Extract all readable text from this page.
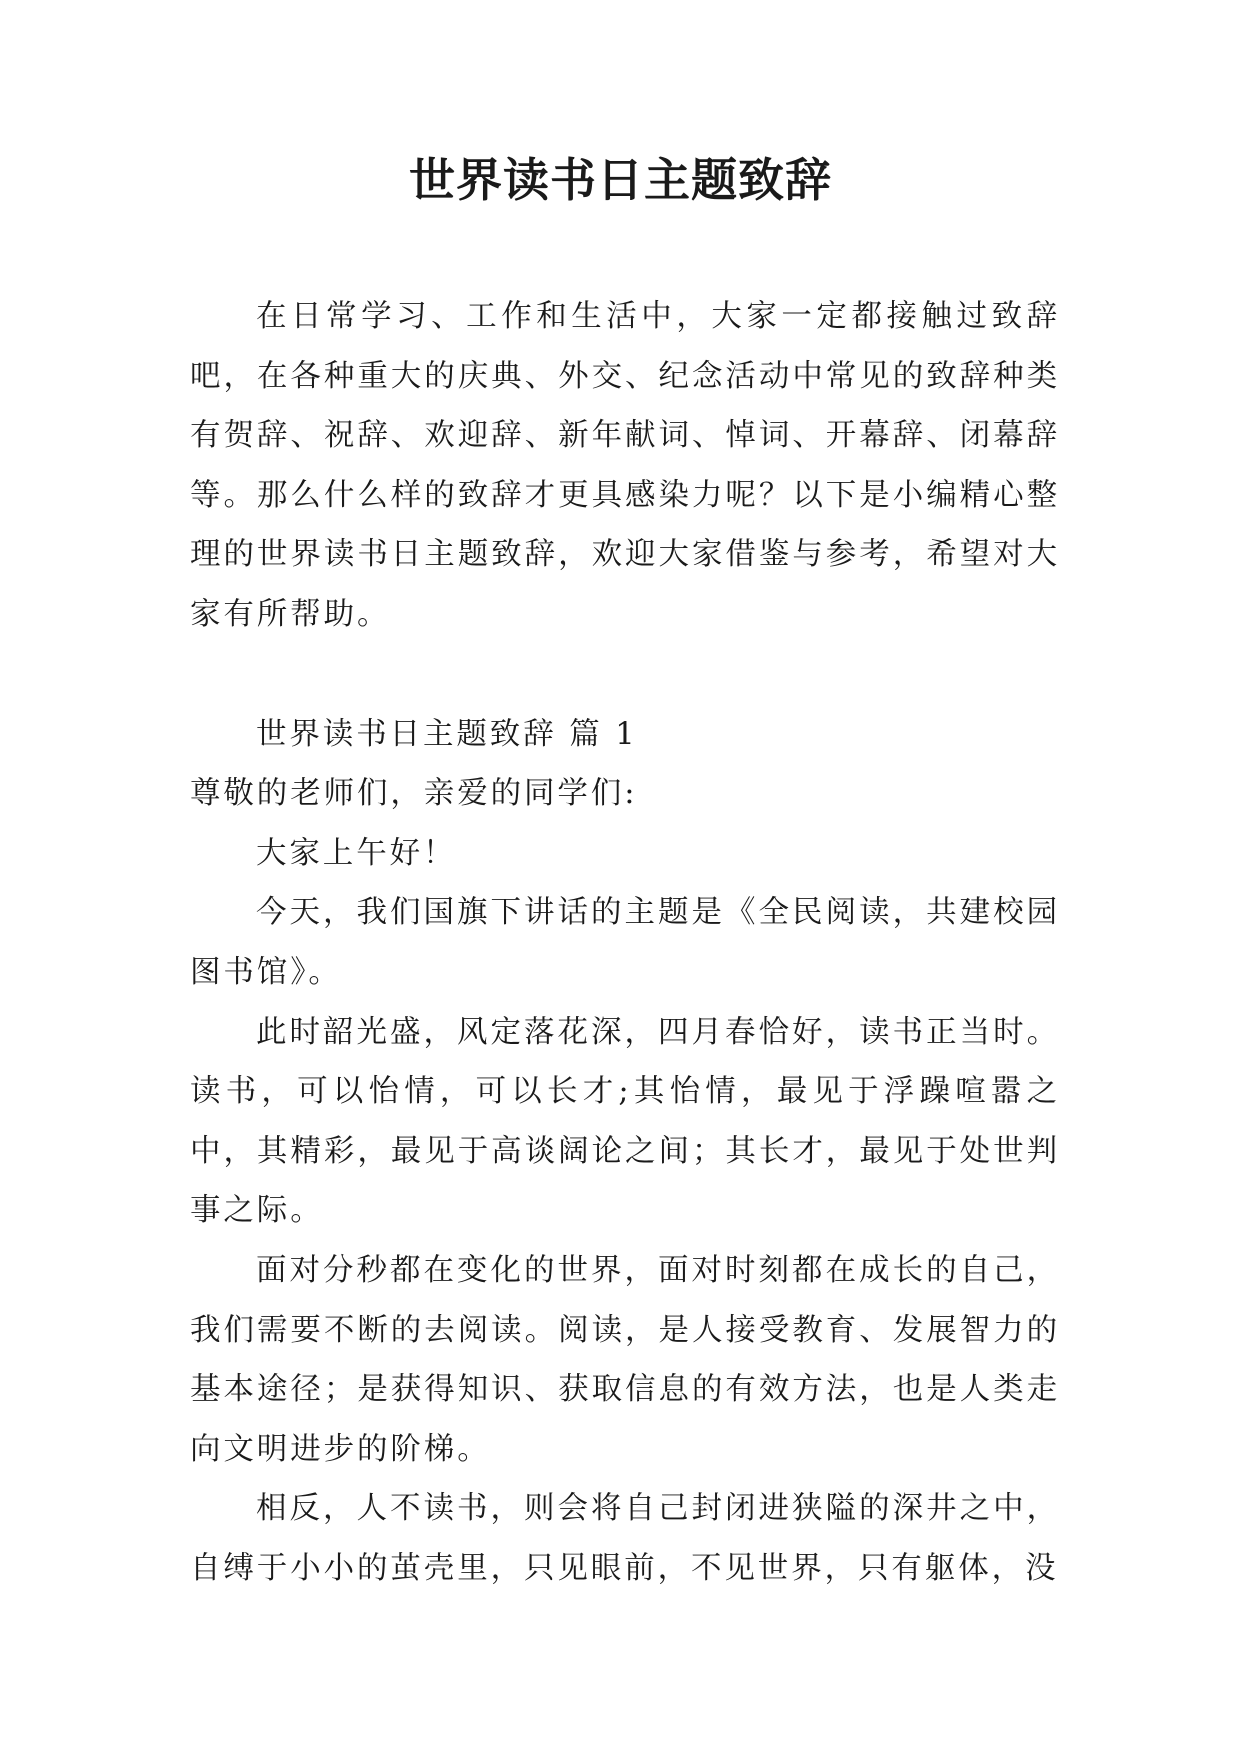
世界读书日主题致辞

在日常学习、工作和生活中，大家一定都接触过致辞吧，在各种重大的庆典、外交、纪念活动中常见的致辞种类有贺辞、祝辞、欢迎辞、新年献词、悼词、开幕辞、闭幕辞等。那么什么样的致辞才更具感染力呢？以下是小编精心整理的世界读书日主题致辞，欢迎大家借鉴与参考，希望对大家有所帮助。

世界读书日主题致辞 篇 1

尊敬的老师们，亲爱的同学们:

大家上午好！

今天，我们国旗下讲话的主题是《全民阅读，共建校园图书馆》。

此时韶光盛，风定落花深，四月春恰好，读书正当时。读书，可以怡情，可以长才;其怡情，最见于浮躁喧嚣之中，其精彩，最见于高谈阔论之间；其长才，最见于处世判事之际。

面对分秒都在变化的世界，面对时刻都在成长的自己，我们需要不断的去阅读。阅读，是人接受教育、发展智力的基本途径；是获得知识、获取信息的有效方法，也是人类走向文明进步的阶梯。

相反，人不读书，则会将自己封闭进狭隘的深井之中，自缚于小小的茧壳里，只见眼前，不见世界，只有躯体，没
